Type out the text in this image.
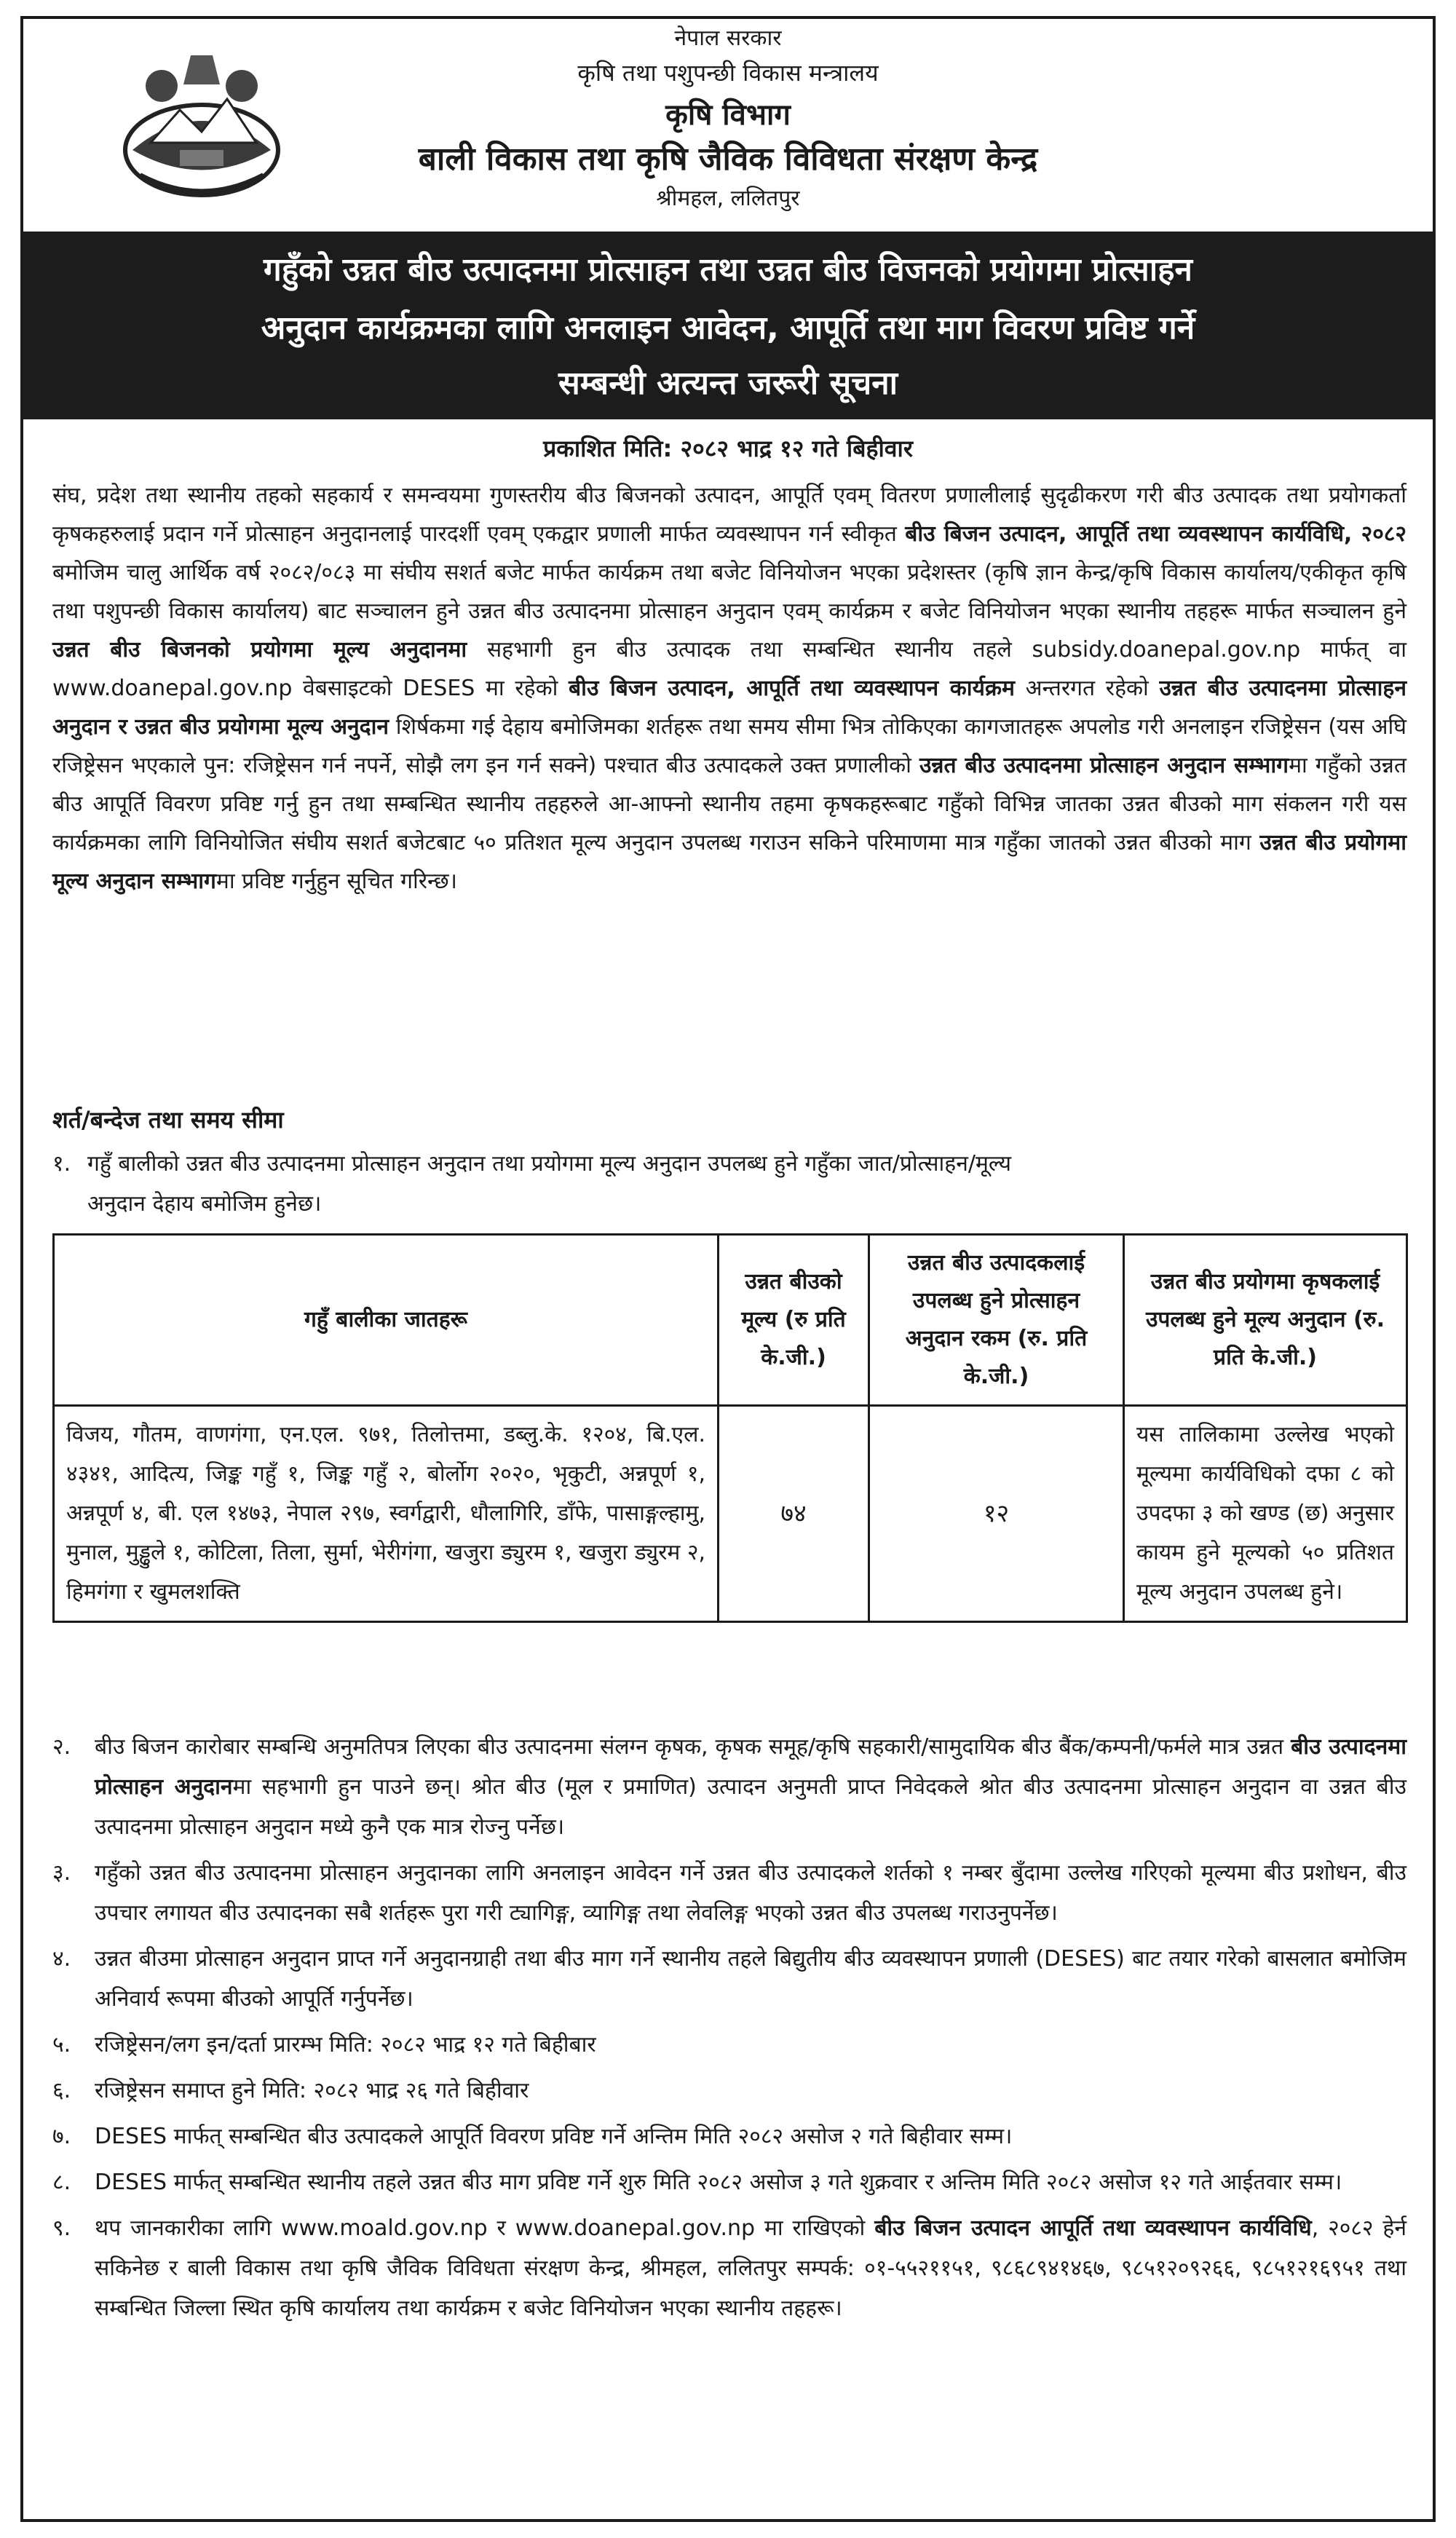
नेपाल सरकार
कृषि तथा पशुपन्छी विकास मन्त्रालय
कृषि विभाग
बाली विकास तथा कृषि जैविक विविधता संरक्षण केन्द्र
श्रीमहल, ललितपुर
गहुँको उन्नत बीउ उत्पादनमा प्रोत्साहन तथा उन्नत बीउ विजनको प्रयोगमा प्रोत्साहन
अनुदान कार्यक्रमका लागि अनलाइन आवेदन, आपूर्ति तथा माग विवरण प्रविष्ट गर्ने
सम्बन्धी अत्यन्त जरूरी सूचना
प्रकाशित मिति: २०८२ भाद्र १२ गते बिहीवार
संघ, प्रदेश तथा स्थानीय तहको सहकार्य र समन्वयमा गुणस्तरीय बीउ बिजनको उत्पादन, आपूर्ति एवम् वितरण प्रणालीलाई सुदृढीकरण गरी बीउ उत्पादक तथा प्रयोगकर्ता कृषकहरुलाई प्रदान गर्ने प्रोत्साहन अनुदानलाई पारदर्शी एवम् एकद्वार प्रणाली मार्फत व्यवस्थापन गर्न स्वीकृत बीउ बिजन उत्पादन, आपूर्ति तथा व्यवस्थापन कार्यविधि, २०८२ बमोजिम चालु आर्थिक वर्ष २०८२/०८३ मा संघीय सशर्त बजेट मार्फत कार्यक्रम तथा बजेट विनियोजन भएका प्रदेशस्तर (कृषि ज्ञान केन्द्र/कृषि विकास कार्यालय/एकीकृत कृषि तथा पशुपन्छी विकास कार्यालय) बाट सञ्चालन हुने उन्नत बीउ उत्पादनमा प्रोत्साहन अनुदान एवम् कार्यक्रम र बजेट विनियोजन भएका स्थानीय तहहरू मार्फत सञ्चालन हुने उन्नत बीउ बिजनको प्रयोगमा मूल्य अनुदानमा सहभागी हुन बीउ उत्पादक तथा सम्बन्धित स्थानीय तहले subsidy.doanepal.gov.np मार्फत् वा www.doanepal.gov.np वेबसाइटको DESES मा रहेको बीउ बिजन उत्पादन, आपूर्ति तथा व्यवस्थापन कार्यक्रम अन्तरगत रहेको उन्नत बीउ उत्पादनमा प्रोत्साहन अनुदान र उन्नत बीउ प्रयोगमा मूल्य अनुदान शिर्षकमा गई देहाय बमोजिमका शर्तहरू तथा समय सीमा भित्र तोकिएका कागजातहरू अपलोड गरी अनलाइन रजिष्ट्रेसन (यस अघि रजिष्ट्रेसन भएकाले पुन: रजिष्ट्रेसन गर्न नपर्ने, सोझै लग इन गर्न सक्ने) पश्चात बीउ उत्पादकले उक्त प्रणालीको उन्नत बीउ उत्पादनमा प्रोत्साहन अनुदान सम्भागमा गहुँको उन्नत बीउ आपूर्ति विवरण प्रविष्ट गर्नु हुन तथा सम्बन्धित स्थानीय तहहरुले आ-आफ्नो स्थानीय तहमा कृषकहरूबाट गहुँको विभिन्न जातका उन्नत बीउको माग संकलन गरी यस कार्यक्रमका लागि विनियोजित संघीय सशर्त बजेटबाट ५० प्रतिशत मूल्य अनुदान उपलब्ध गराउन सकिने परिमाणमा मात्र गहुँका जातको उन्नत बीउको माग उन्नत बीउ प्रयोगमा मूल्य अनुदान सम्भागमा प्रविष्ट गर्नुहुन सूचित गरिन्छ।
शर्त/बन्देज तथा समय सीमा
१. गहुँ बालीको उन्नत बीउ उत्पादनमा प्रोत्साहन अनुदान तथा प्रयोगमा मूल्य अनुदान उपलब्ध हुने गहुँका जात/प्रोत्साहन/मूल्य
अनुदान देहाय बमोजिम हुनेछ।
गहुँ बालीका जातहरू	उन्नत बीउको मूल्य (रु प्रति के.जी.)	उन्नत बीउ उत्पादकलाई उपलब्ध हुने प्रोत्साहन अनुदान रकम (रु. प्रति के.जी.)	उन्नत बीउ प्रयोगमा कृषकलाई उपलब्ध हुने मूल्य अनुदान (रु. प्रति के.जी.)
विजय, गौतम, वाणगंगा, एन.एल. ९७१, तिलोत्तमा, डब्लु.के. १२०४, बि.एल. ४३४१, आदित्य, जिङ्क गहुँ १, जिङ्क गहुँ २, बोर्लोग २०२०, भृकुटी, अन्नपूर्ण १, अन्नपूर्ण ४, बी. एल १४७३, नेपाल २९७, स्वर्गद्वारी, धौलागिरि, डाँफे, पासाङ्गल्हामु, मुनाल, मुड्ढुले १, कोटिला, तिला, सुर्मा, भेरीगंगा, खजुरा ड्युरम १, खजुरा ड्युरम २, हिमगंगा र खुमलशक्ति	७४	१२	यस तालिकामा उल्लेख भएको मूल्यमा कार्यविधिको दफा ८ को उपदफा ३ को खण्ड (छ) अनुसार कायम हुने मूल्यको ५० प्रतिशत मूल्य अनुदान उपलब्ध हुने।
२.	बीउ बिजन कारोबार सम्बन्धि अनुमतिपत्र लिएका बीउ उत्पादनमा संलग्न कृषक, कृषक समूह/कृषि सहकारी/सामुदायिक बीउ बैंक/कम्पनी/फर्मले मात्र उन्नत बीउ उत्पादनमा प्रोत्साहन अनुदानमा सहभागी हुन पाउने छन्। श्रोत बीउ (मूल र प्रमाणित) उत्पादन अनुमती प्राप्त निवेदकले श्रोत बीउ उत्पादनमा प्रोत्साहन अनुदान वा उन्नत बीउ उत्पादनमा प्रोत्साहन अनुदान मध्ये कुनै एक मात्र रोज्नु पर्नेछ।
३.	गहुँको उन्नत बीउ उत्पादनमा प्रोत्साहन अनुदानका लागि अनलाइन आवेदन गर्ने उन्नत बीउ उत्पादकले शर्तको १ नम्बर बुँदामा उल्लेख गरिएको मूल्यमा बीउ प्रशोधन, बीउ उपचार लगायत बीउ उत्पादनका सबै शर्तहरू पुरा गरी ट्यागिङ्ग, व्यागिङ्ग तथा लेवलिङ्ग भएको उन्नत बीउ उपलब्ध गराउनुपर्नेछ।
४.	उन्नत बीउमा प्रोत्साहन अनुदान प्राप्त गर्ने अनुदानग्राही तथा बीउ माग गर्ने स्थानीय तहले बिद्युतीय बीउ व्यवस्थापन प्रणाली (DESES) बाट तयार गरेको बासलात बमोजिम अनिवार्य रूपमा बीउको आपूर्ति गर्नुपर्नेछ।
५.	रजिष्ट्रेसन/लग इन/दर्ता प्रारम्भ मिति: २०८२ भाद्र १२ गते बिहीबार
६.	रजिष्ट्रेसन समाप्त हुने मिति: २०८२ भाद्र २६ गते बिहीवार
७.	DESES मार्फत् सम्बन्धित बीउ उत्पादकले आपूर्ति विवरण प्रविष्ट गर्ने अन्तिम मिति २०८२ असोज २ गते बिहीवार सम्म।
८.	DESES मार्फत् सम्बन्धित स्थानीय तहले उन्नत बीउ माग प्रविष्ट गर्ने शुरु मिति २०८२ असोज ३ गते शुक्रवार र अन्तिम मिति २०८२ असोज १२ गते आईतवार सम्म।
९.	थप जानकारीका लागि www.moald.gov.np र www.doanepal.gov.np मा राखिएको बीउ बिजन उत्पादन आपूर्ति तथा व्यवस्थापन कार्यविधि, २०८२ हेर्न सकिनेछ र बाली विकास तथा कृषि जैविक विविधता संरक्षण केन्द्र, श्रीमहल, ललितपुर सम्पर्क: ०१-५५२११५१, ९८६८९४१४६७, ९८५१२०९२६६, ९८५१२१६९५१ तथा सम्बन्धित जिल्ला स्थित कृषि कार्यालय तथा कार्यक्रम र बजेट विनियोजन भएका स्थानीय तहहरू।
